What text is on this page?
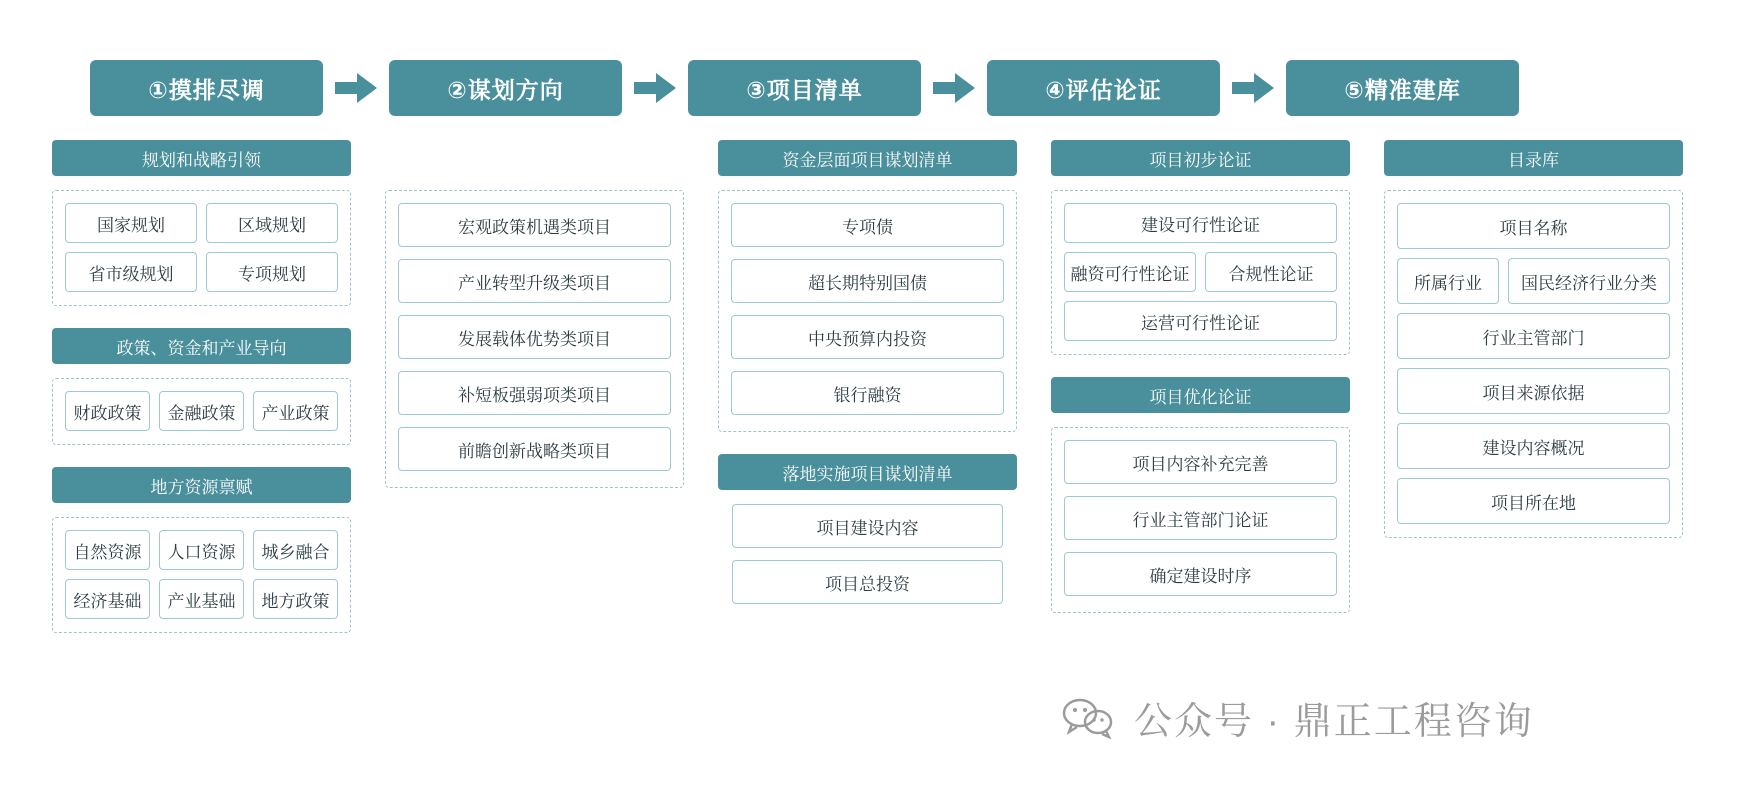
①摸排尽调	②谋划方向	③项目清单	④评估论证	⑤精准建库
规划和战略引领
国家规划	区域规划
省市级规划	专项规划
政策、资金和产业导向
财政政策	金融政策	产业政策
地方资源禀赋
自然资源	人口资源	城乡融合
经济基础	产业基础	地方政策
宏观政策机遇类项目
产业转型升级类项目
发展载体优势类项目
补短板强弱项类项目
前瞻创新战略类项目
资金层面项目谋划清单
专项债
超长期特别国债
中央预算内投资
银行融资
落地实施项目谋划清单
项目建设内容
项目总投资
项目初步论证
建设可行性论证
融资可行性论证	合规性论证
运营可行性论证
项目优化论证
项目内容补充完善
行业主管部门论证
确定建设时序
目录库
项目名称
所属行业	国民经济行业分类
行业主管部门
项目来源依据
建设内容概况
项目所在地
公众号 · 鼎正工程咨询
